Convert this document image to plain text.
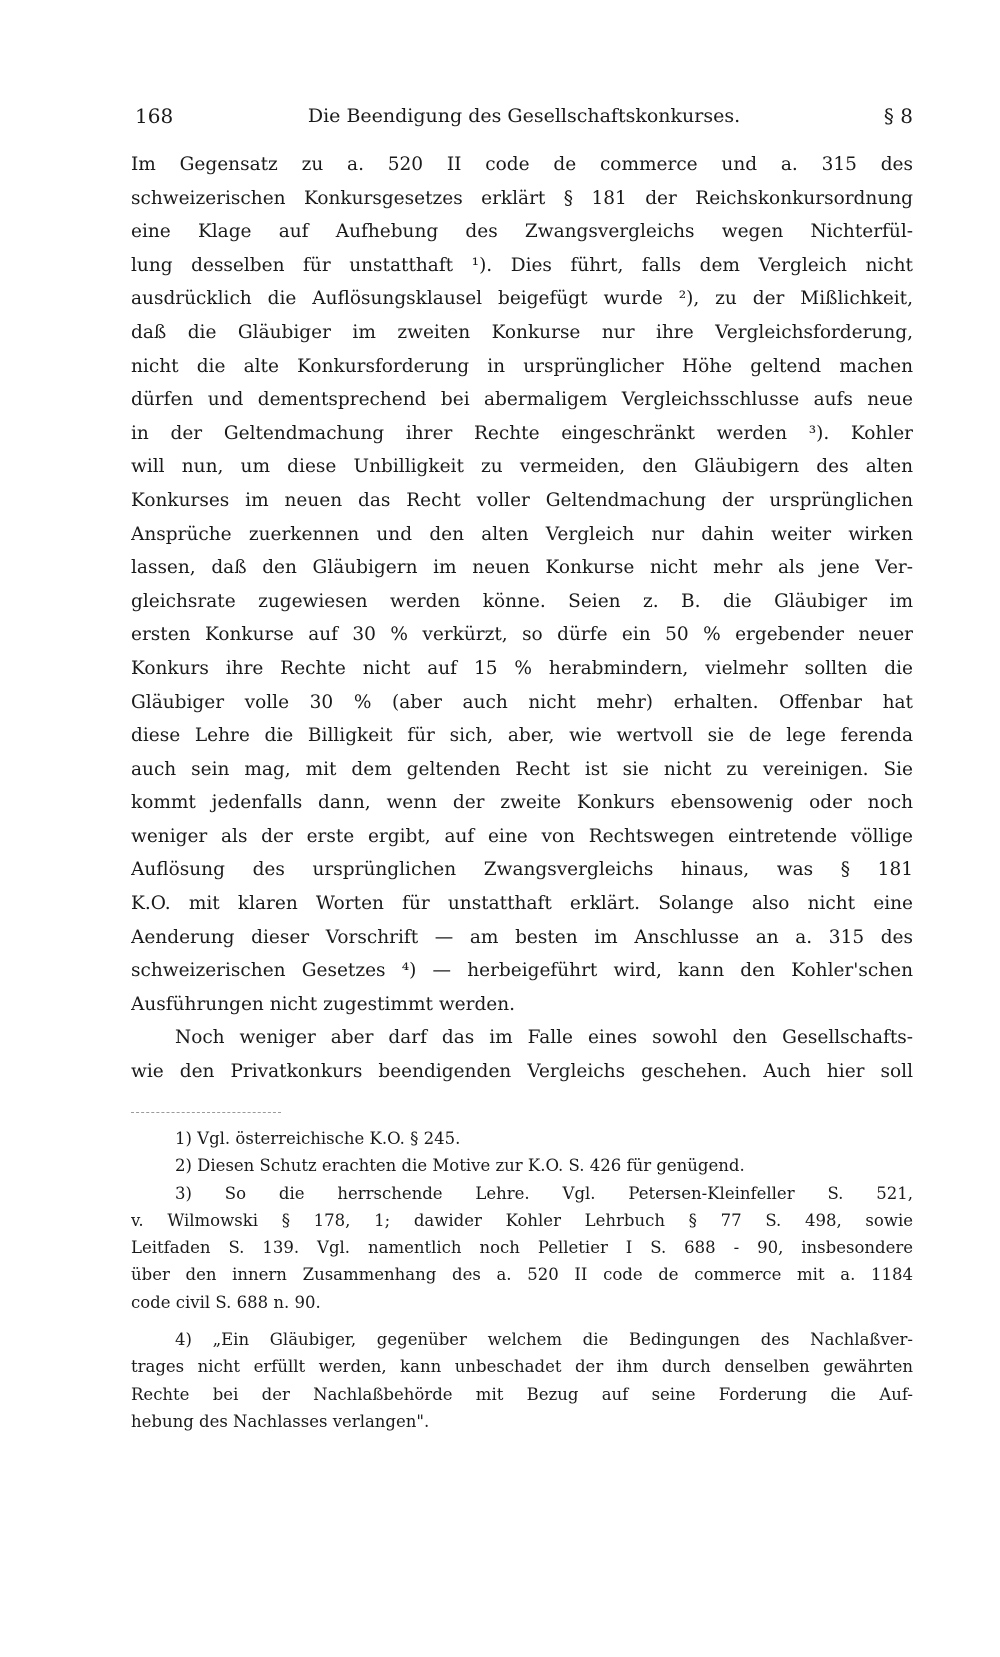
168	Die Beendigung des Gesellschaftskonkurses.	§ 8
Im Gegensatz zu a. 520 II code de commerce und a. 315 des
schweizerischen Konkursgesetzes erklärt § 181 der Reichskonkursordnung
eine Klage auf Aufhebung des Zwangsvergleichs wegen Nichterfül-
lung desselben für unstatthaft ¹). Dies führt, falls dem Vergleich nicht
ausdrücklich die Auflösungsklausel beigefügt wurde ²), zu der Mißlichkeit,
daß die Gläubiger im zweiten Konkurse nur ihre Vergleichsforderung,
nicht die alte Konkursforderung in ursprünglicher Höhe geltend machen
dürfen und dementsprechend bei abermaligem Vergleichsschlusse aufs neue
in der Geltendmachung ihrer Rechte eingeschränkt werden ³). Kohler
will nun, um diese Unbilligkeit zu vermeiden, den Gläubigern des alten
Konkurses im neuen das Recht voller Geltendmachung der ursprünglichen
Ansprüche zuerkennen und den alten Vergleich nur dahin weiter wirken
lassen, daß den Gläubigern im neuen Konkurse nicht mehr als jene Ver-
gleichsrate zugewiesen werden könne. Seien z. B. die Gläubiger im
ersten Konkurse auf 30 % verkürzt, so dürfe ein 50 % ergebender neuer
Konkurs ihre Rechte nicht auf 15 % herabmindern, vielmehr sollten die
Gläubiger volle 30 % (aber auch nicht mehr) erhalten. Offenbar hat
diese Lehre die Billigkeit für sich, aber, wie wertvoll sie de lege ferenda
auch sein mag, mit dem geltenden Recht ist sie nicht zu vereinigen. Sie
kommt jedenfalls dann, wenn der zweite Konkurs ebensowenig oder noch
weniger als der erste ergibt, auf eine von Rechtswegen eintretende völlige
Auflösung des ursprünglichen Zwangsvergleichs hinaus, was § 181
K.O. mit klaren Worten für unstatthaft erklärt. Solange also nicht eine
Aenderung dieser Vorschrift — am besten im Anschlusse an a. 315 des
schweizerischen Gesetzes ⁴) — herbeigeführt wird, kann den Kohler'schen
Ausführungen nicht zugestimmt werden.
Noch weniger aber darf das im Falle eines sowohl den Gesellschafts-
wie den Privatkonkurs beendigenden Vergleichs geschehen. Auch hier soll
1) Vgl. österreichische K.O. § 245.
2) Diesen Schutz erachten die Motive zur K.O. S. 426 für genügend.
3) So die herrschende Lehre. Vgl. Petersen-Kleinfeller S. 521,
v. Wilmowski § 178, 1; dawider Kohler Lehrbuch § 77 S. 498, sowie
Leitfaden S. 139. Vgl. namentlich noch Pelletier I S. 688 - 90, insbesondere
über den innern Zusammenhang des a. 520 II code de commerce mit a. 1184
code civil S. 688 n. 90.
4) „Ein Gläubiger, gegenüber welchem die Bedingungen des Nachlaßver-
trages nicht erfüllt werden, kann unbeschadet der ihm durch denselben gewährten
Rechte bei der Nachlaßbehörde mit Bezug auf seine Forderung die Auf-
hebung des Nachlasses verlangen".
